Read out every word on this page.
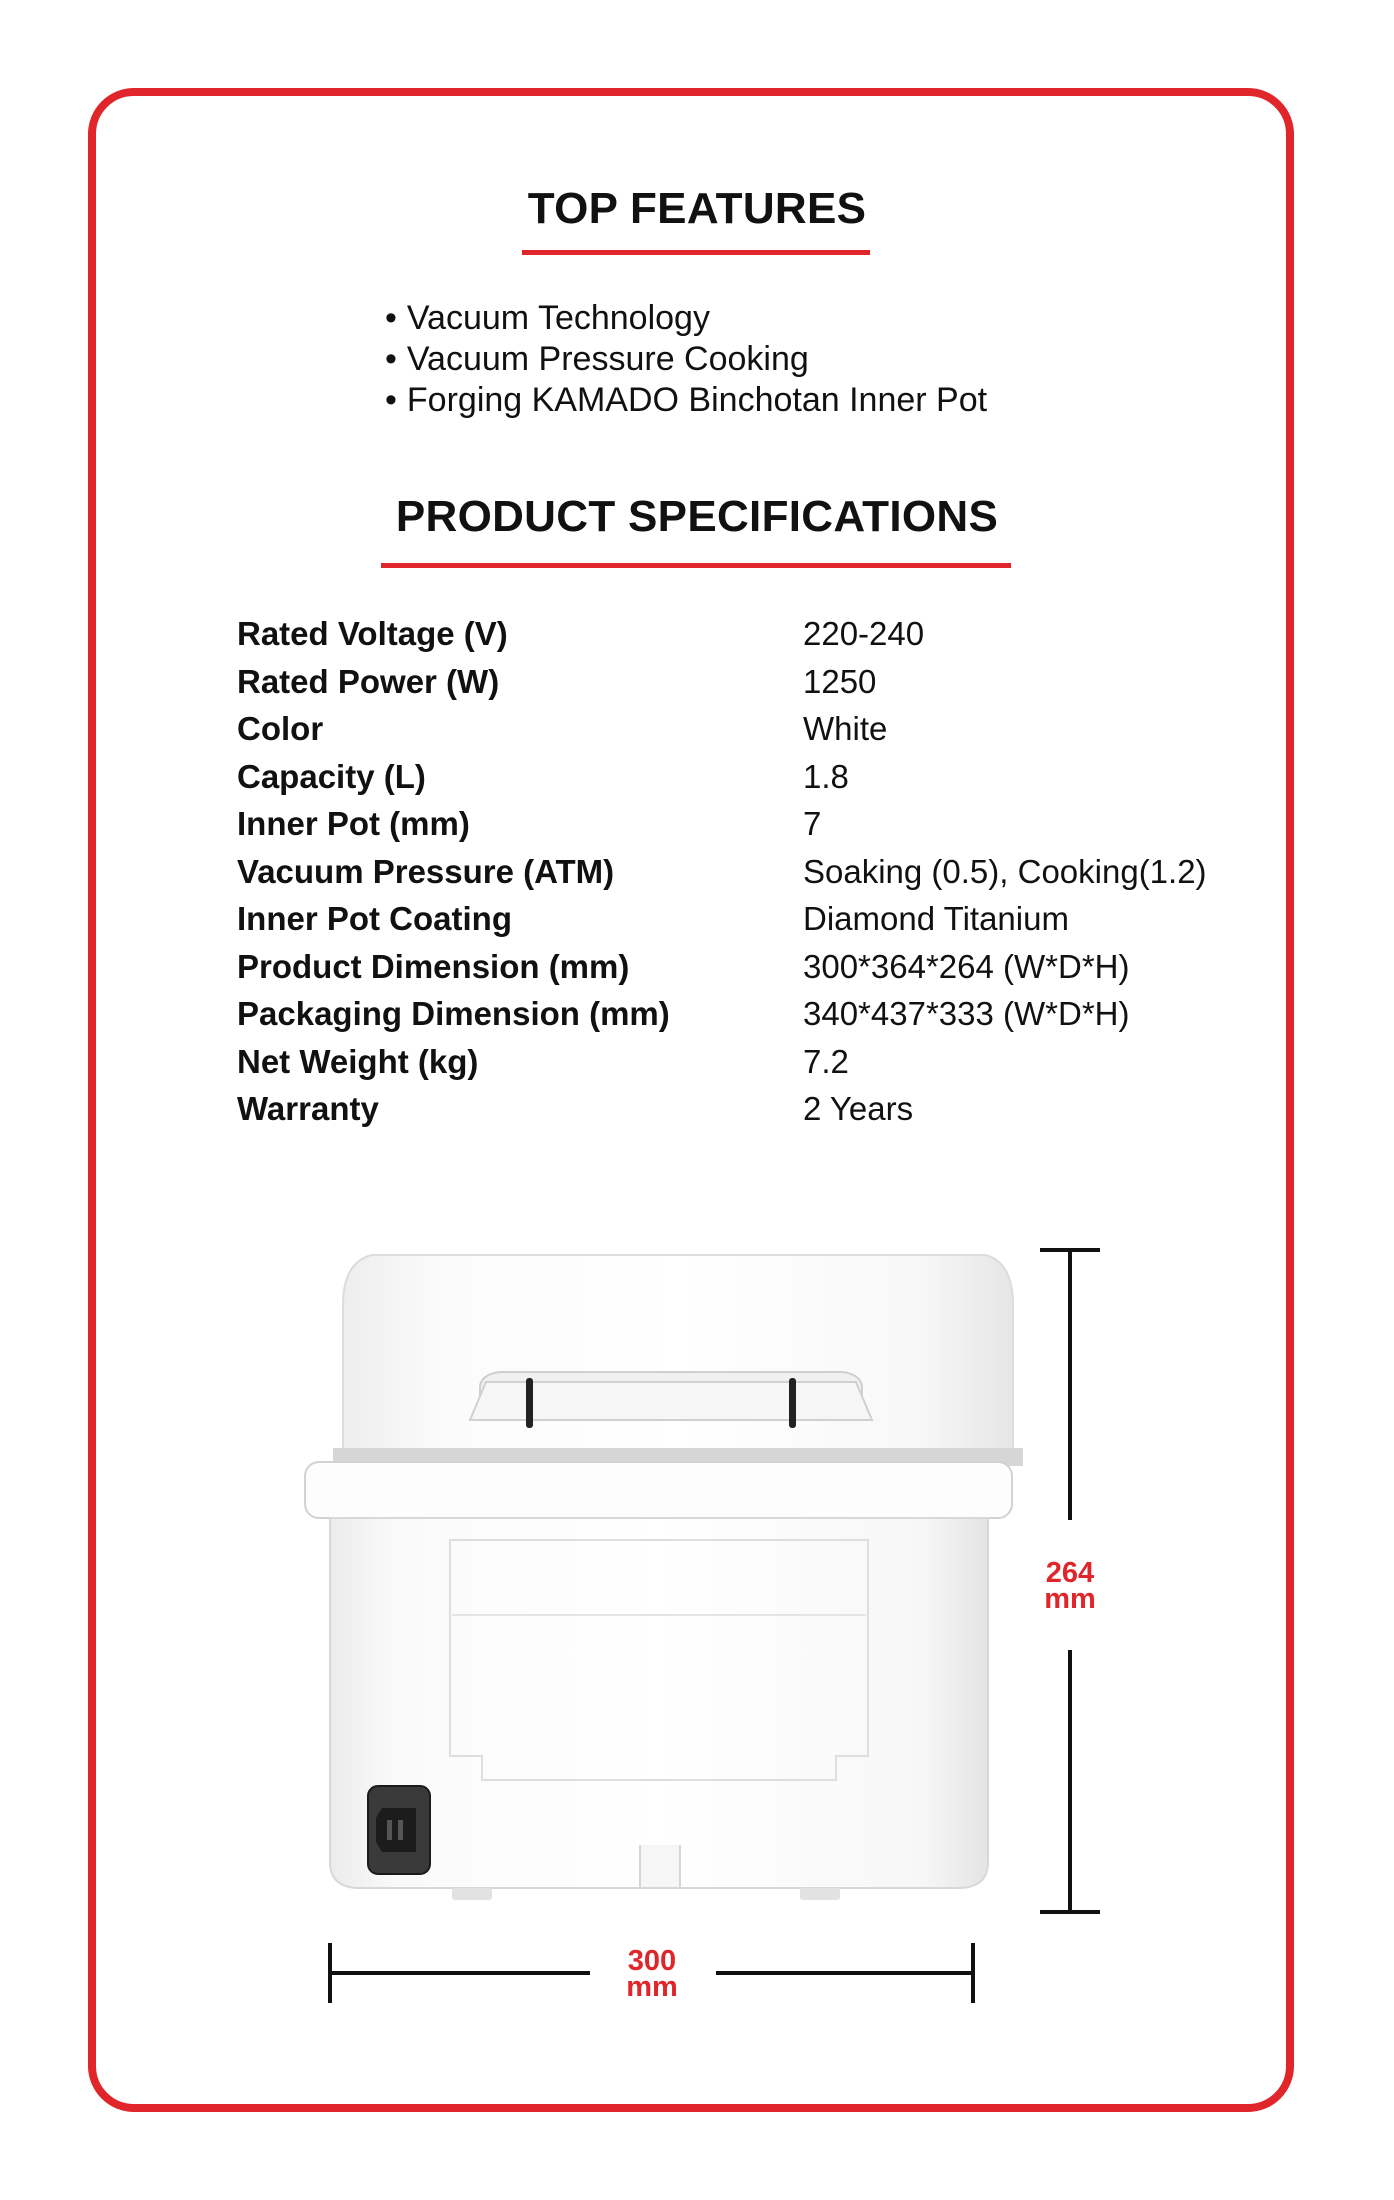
TOP FEATURES
• Vacuum Technology
• Vacuum Pressure Cooking
• Forging KAMADO Binchotan Inner Pot
PRODUCT SPECIFICATIONS
Rated Voltage (V)	220-240
Rated Power (W)	1250
Color	White
Capacity (L)	1.8
Inner Pot (mm)	7
Vacuum Pressure (ATM)	Soaking (0.5), Cooking(1.2)
Inner Pot Coating	Diamond Titanium
Product Dimension (mm)	300*364*264 (W*D*H)
Packaging Dimension (mm)	340*437*333 (W*D*H)
Net Weight (kg)	7.2
Warranty	2 Years
264
mm
300
mm
